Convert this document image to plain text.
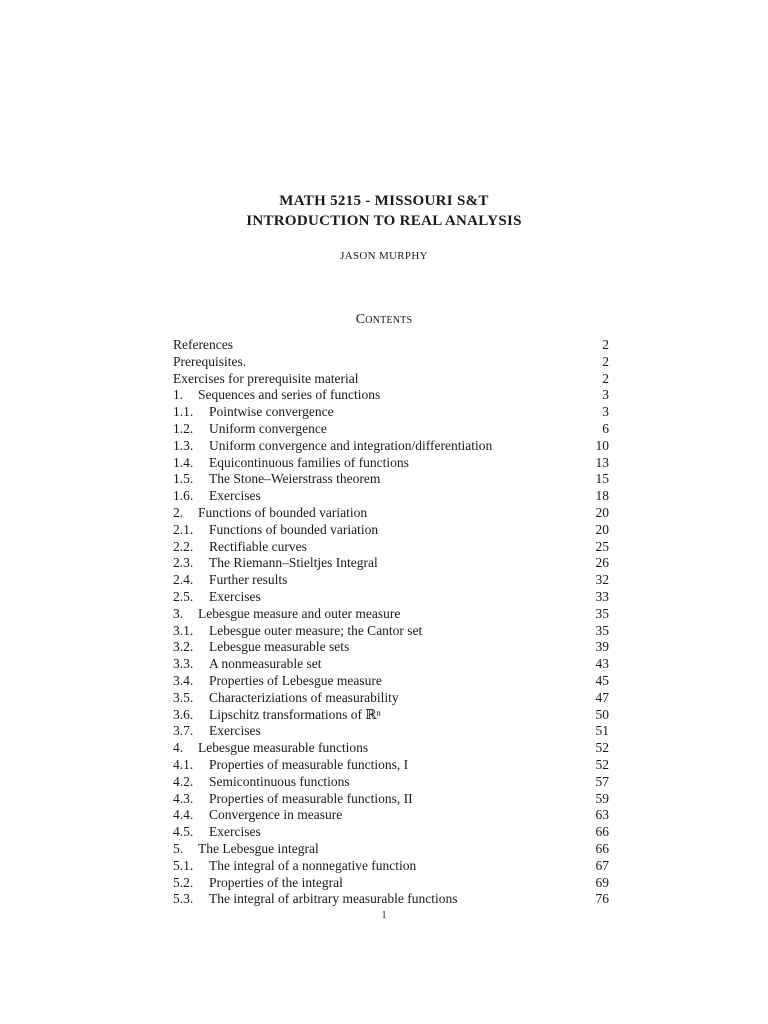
MATH 5215 - MISSOURI S&T
INTRODUCTION TO REAL ANALYSIS
JASON MURPHY
Contents
References	2
Prerequisites.	2
Exercises for prerequisite material	2
1.	Sequences and series of functions	3
1.1.	Pointwise convergence	3
1.2.	Uniform convergence	6
1.3.	Uniform convergence and integration/differentiation	10
1.4.	Equicontinuous families of functions	13
1.5.	The Stone–Weierstrass theorem	15
1.6.	Exercises	18
2.	Functions of bounded variation	20
2.1.	Functions of bounded variation	20
2.2.	Rectifiable curves	25
2.3.	The Riemann–Stieltjes Integral	26
2.4.	Further results	32
2.5.	Exercises	33
3.	Lebesgue measure and outer measure	35
3.1.	Lebesgue outer measure; the Cantor set	35
3.2.	Lebesgue measurable sets	39
3.3.	A nonmeasurable set	43
3.4.	Properties of Lebesgue measure	45
3.5.	Characteriziations of measurability	47
3.6.	Lipschitz transformations of ℝⁿ	50
3.7.	Exercises	51
4.	Lebesgue measurable functions	52
4.1.	Properties of measurable functions, I	52
4.2.	Semicontinuous functions	57
4.3.	Properties of measurable functions, II	59
4.4.	Convergence in measure	63
4.5.	Exercises	66
5.	The Lebesgue integral	66
5.1.	The integral of a nonnegative function	67
5.2.	Properties of the integral	69
5.3.	The integral of arbitrary measurable functions	76
1
